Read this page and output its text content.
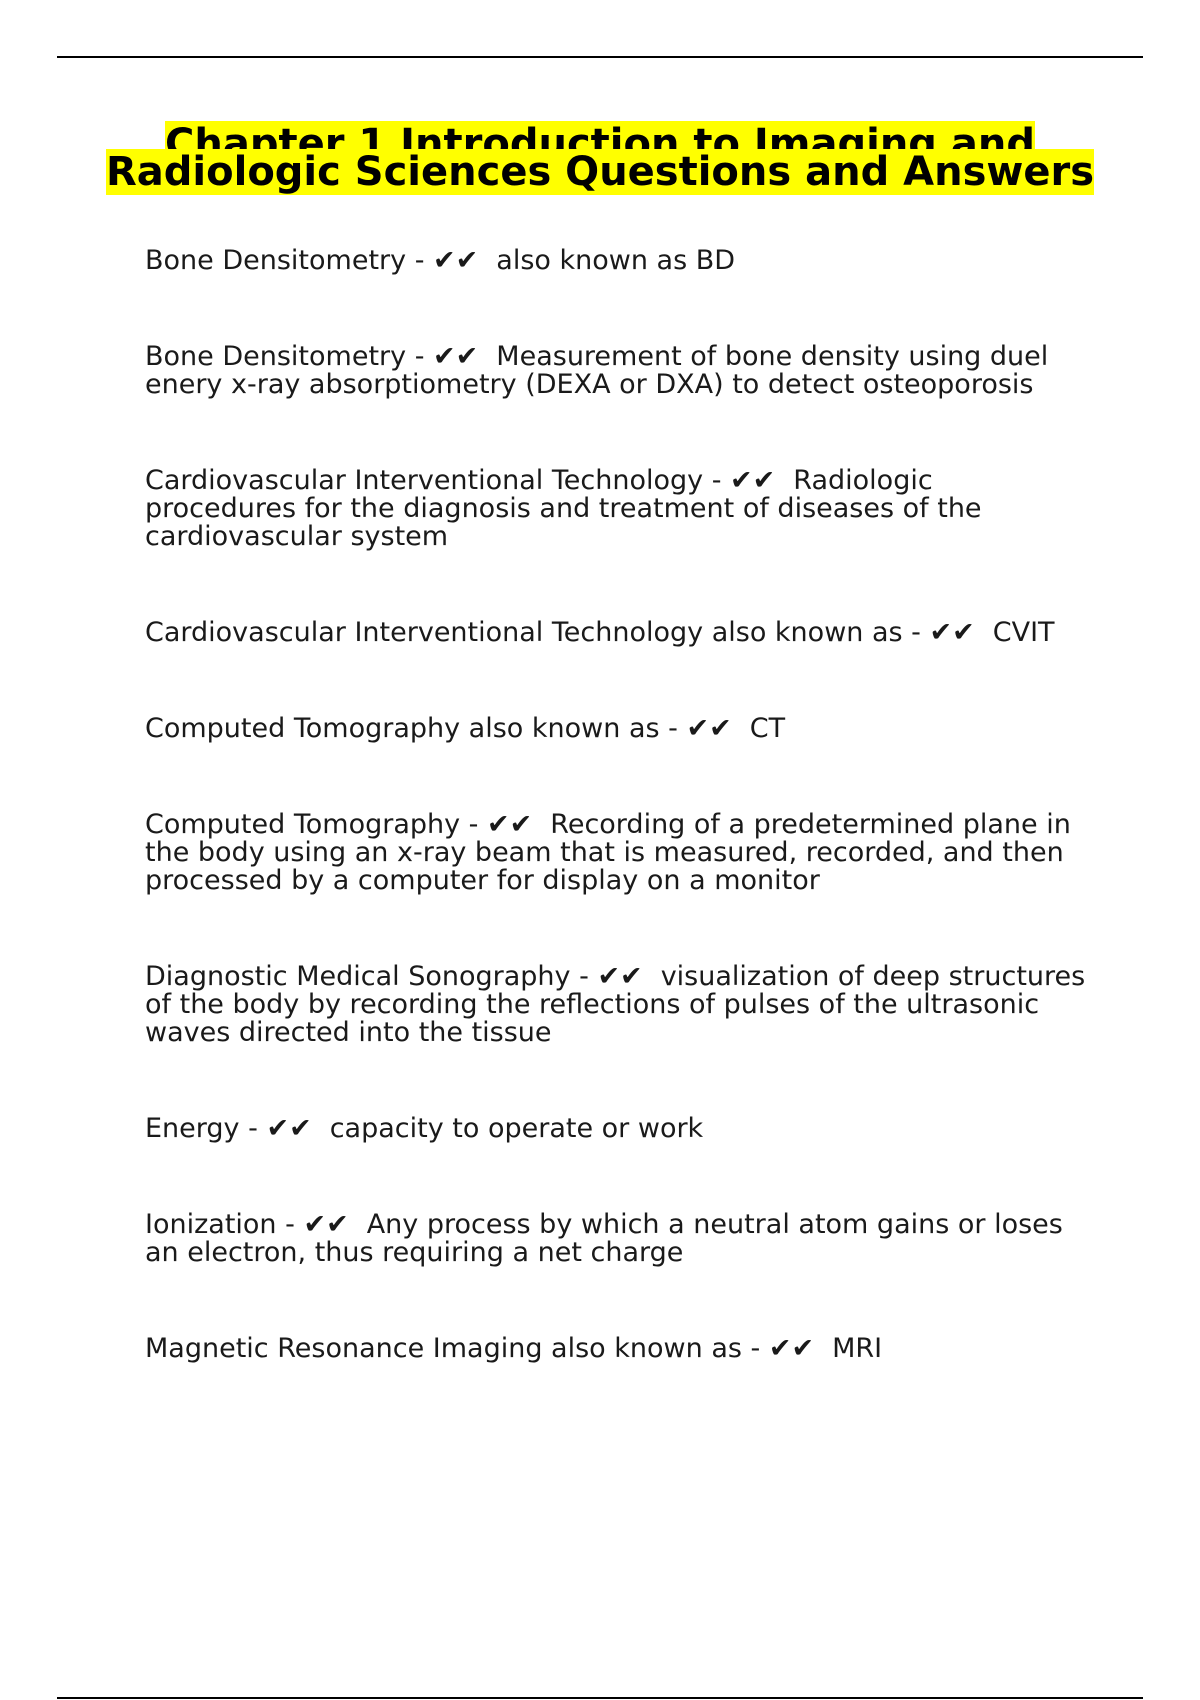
Chapter 1 Introduction to Imaging and Radiologic Sciences Questions and Answers

Bone Densitometry - ✔✔ also known as BD

Bone Densitometry - ✔✔ Measurement of bone density using duel enery x-ray absorptiometry (DEXA or DXA) to detect osteoporosis

Cardiovascular Interventional Technology - ✔✔ Radiologic procedures for the diagnosis and treatment of diseases of the cardiovascular system

Cardiovascular Interventional Technology also known as - ✔✔ CVIT

Computed Tomography also known as - ✔✔ CT

Computed Tomography - ✔✔ Recording of a predetermined plane in the body using an x-ray beam that is measured, recorded, and then processed by a computer for display on a monitor

Diagnostic Medical Sonography - ✔✔ visualization of deep structures of the body by recording the reflections of pulses of the ultrasonic waves directed into the tissue

Energy - ✔✔ capacity to operate or work

Ionization - ✔✔ Any process by which a neutral atom gains or loses an electron, thus requiring a net charge

Magnetic Resonance Imaging also known as - ✔✔ MRI
